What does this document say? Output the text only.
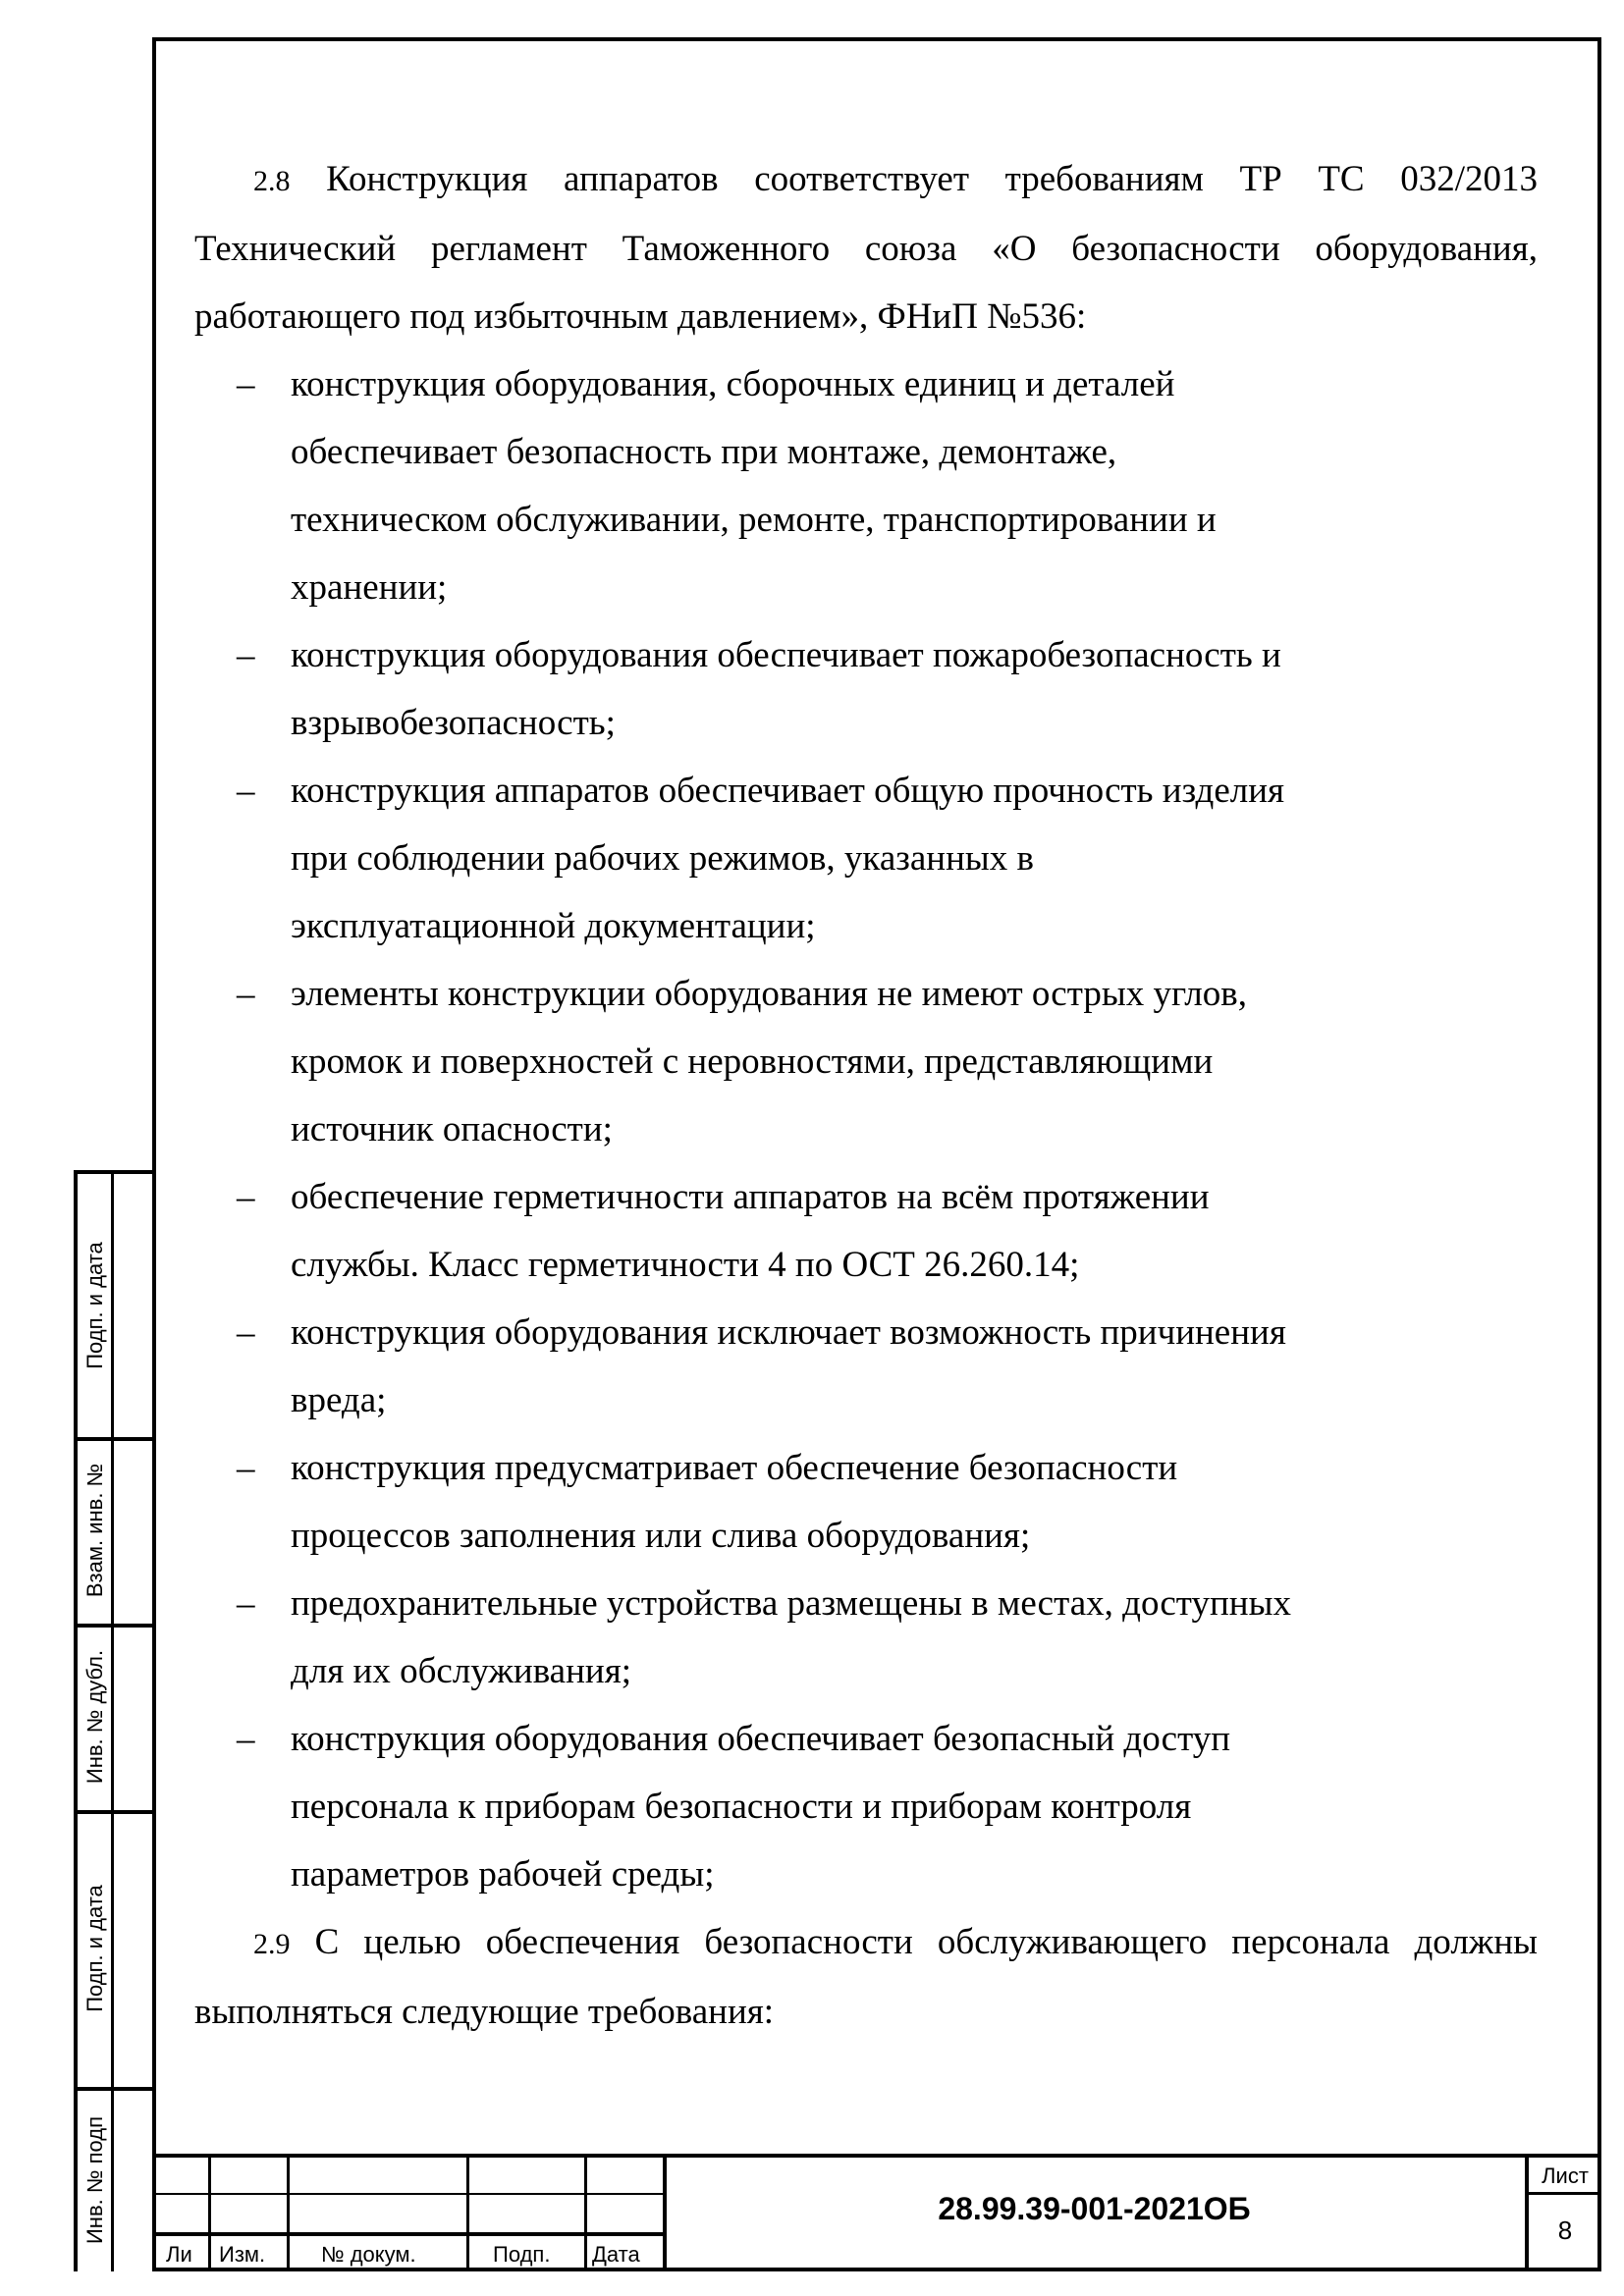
Подп. и дата
Взам. инв. №
Инв. № дубл.
Подп. и дата
Инв. № подп

2.8 Конструкция аппаратов соответствует требованиям ТР ТС 032/2013 Технический регламент Таможенного союза «О безопасности оборудования, работающего под избыточным давлением», ФНиП №536:

– конструкция оборудования, сборочных единиц и деталей
обеспечивает безопасность при монтаже, демонтаже,
техническом обслуживании, ремонте, транспортировании и
хранении;
– конструкция оборудования обеспечивает пожаробезопасность и
взрывобезопасность;
– конструкция аппаратов обеспечивает общую прочность изделия
при соблюдении рабочих режимов, указанных в
эксплуатационной документации;
– элементы конструкции оборудования не имеют острых углов,
кромок и поверхностей с неровностями, представляющими
источник опасности;
– обеспечение герметичности аппаратов на всём протяжении
службы. Класс герметичности 4 по ОСТ 26.260.14;
– конструкция оборудования исключает возможность причинения
вреда;
– конструкция предусматривает обеспечение безопасности
процессов заполнения или слива оборудования;
– предохранительные устройства размещены в местах, доступных
для их обслуживания;
– конструкция оборудования обеспечивает безопасный доступ
персонала к приборам безопасности и приборам контроля
параметров рабочей среды;

2.9 С целью обеспечения безопасности обслуживающего персонала должны выполняться следующие требования:

Ли Изм.	№ докум.	Подп. Дата
28.99.39-001-2021ОБ
Лист
8
